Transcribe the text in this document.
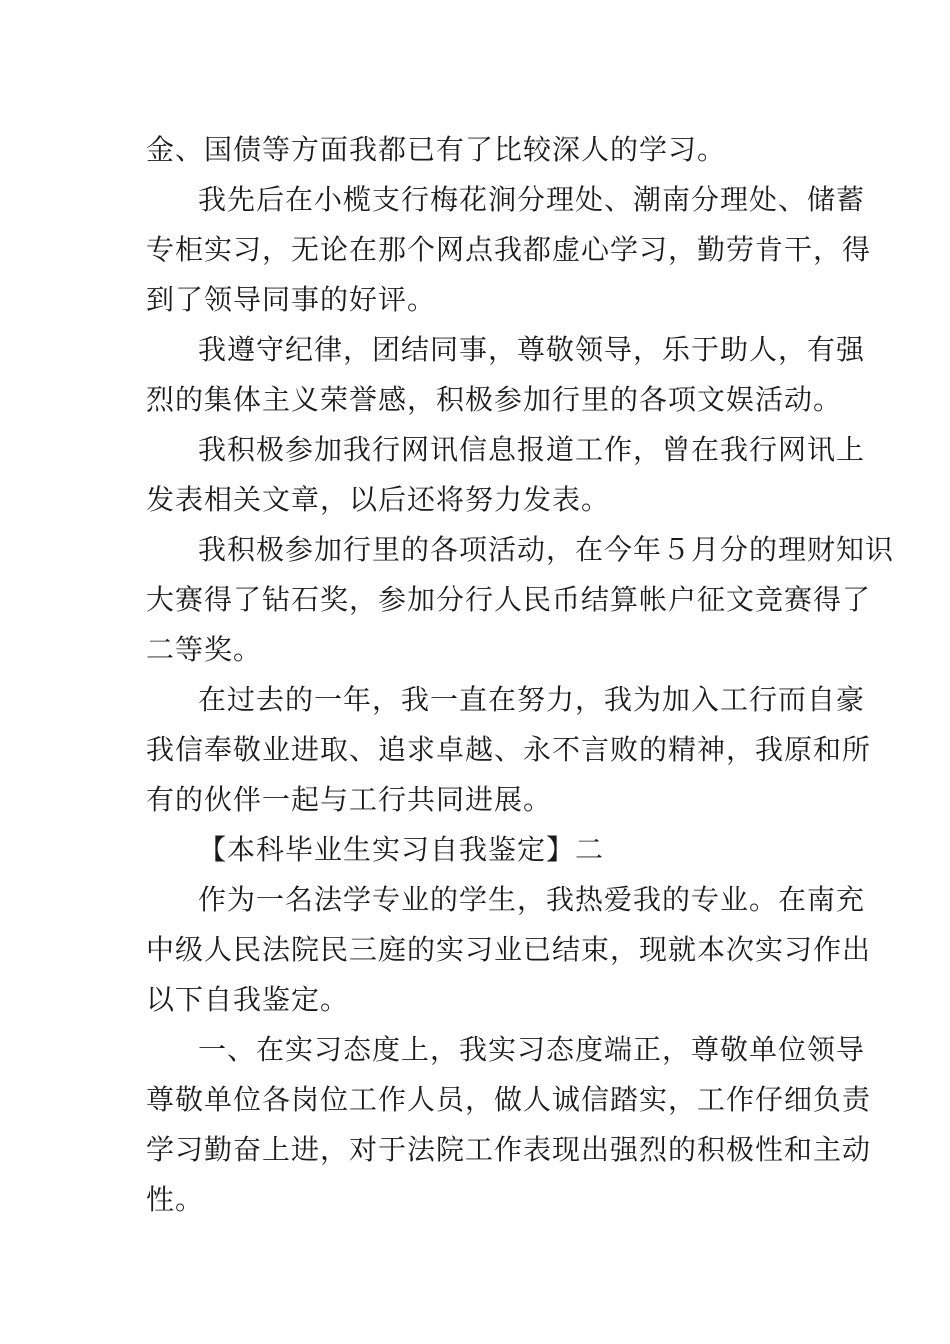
金、国债等方面我都已有了比较深人的学习。
我先后在小榄支行梅花涧分理处、潮南分理处、储蓄
专柜实习，无论在那个网点我都虚心学习，勤劳肯干，得
到了领导同事的好评。
我遵守纪律，团结同事，尊敬领导，乐于助人，有强
烈的集体主义荣誉感，积极参加行里的各项文娱活动。
我积极参加我行网讯信息报道工作，曾在我行网讯上
发表相关文章，以后还将努力发表。
我积极参加行里的各项活动，在今年５月分的理财知识
大赛得了钻石奖，参加分行人民币结算帐户征文竞赛得了
二等奖。
在过去的一年，我一直在努力，我为加入工行而自豪
我信奉敬业进取、追求卓越、永不言败的精神，我原和所
有的伙伴一起与工行共同进展。
【本科毕业生实习自我鉴定】二
作为一名法学专业的学生，我热爱我的专业。在南充
中级人民法院民三庭的实习业已结束，现就本次实习作出
以下自我鉴定。
一、在实习态度上，我实习态度端正，尊敬单位领导
尊敬单位各岗位工作人员，做人诚信踏实，工作仔细负责
学习勤奋上进，对于法院工作表现出强烈的积极性和主动
性。
